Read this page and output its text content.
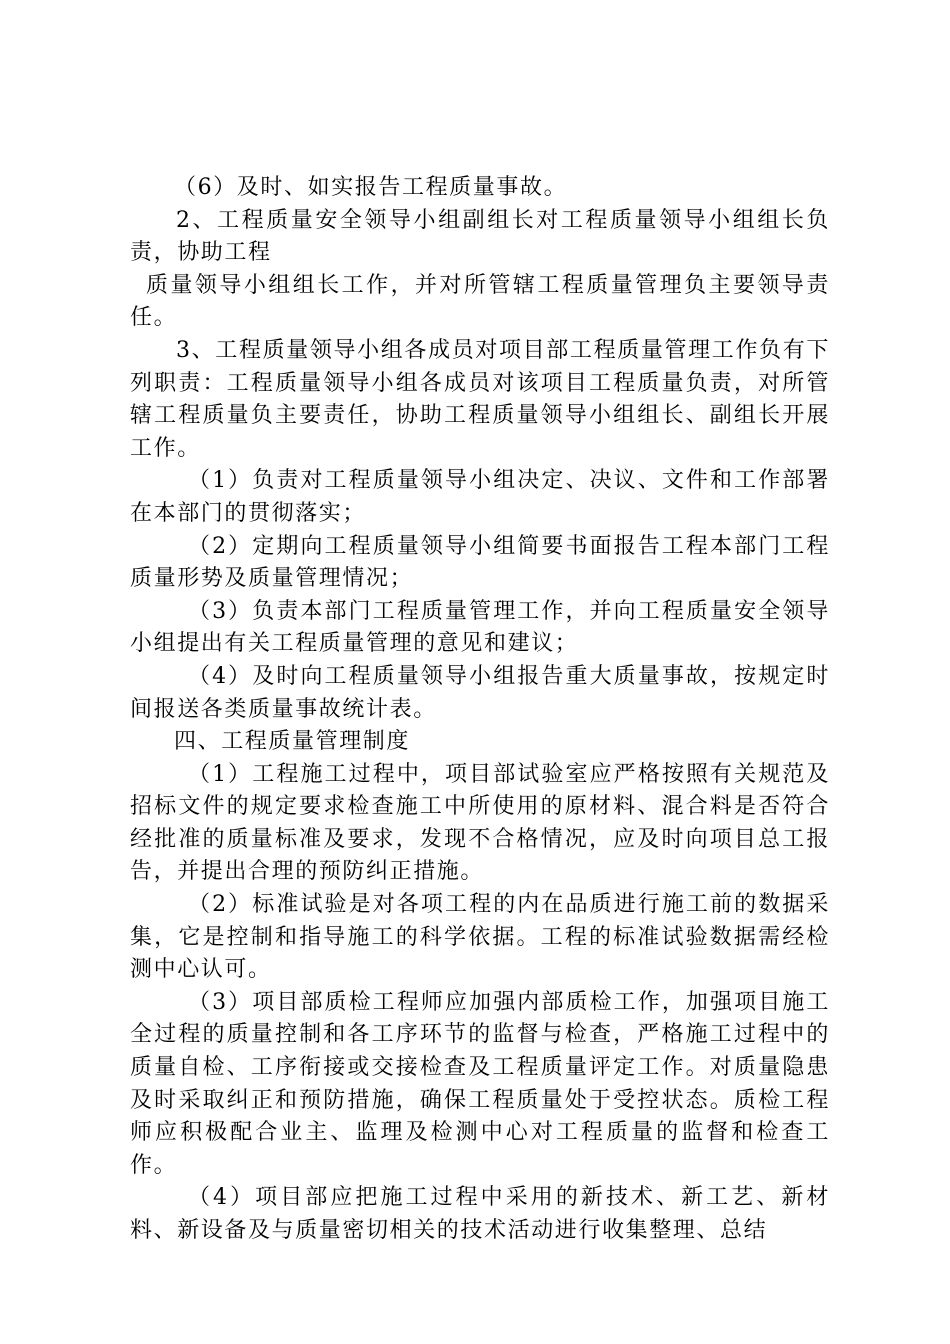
（6）及时、如实报告工程质量事故。

2、工程质量安全领导小组副组长对工程质量领导小组组长负责，协助工程

质量领导小组组长工作，并对所管辖工程质量管理负主要领导责任。

3、工程质量领导小组各成员对项目部工程质量管理工作负有下列职责：工程质量领导小组各成员对该项目工程质量负责，对所管辖工程质量负主要责任，协助工程质量领导小组组长、副组长开展工作。

（1）负责对工程质量领导小组决定、决议、文件和工作部署在本部门的贯彻落实；

（2）定期向工程质量领导小组简要书面报告工程本部门工程质量形势及质量管理情况；

（3）负责本部门工程质量管理工作，并向工程质量安全领导小组提出有关工程质量管理的意见和建议；

（4）及时向工程质量领导小组报告重大质量事故，按规定时间报送各类质量事故统计表。

四、工程质量管理制度

（1）工程施工过程中，项目部试验室应严格按照有关规范及招标文件的规定要求检查施工中所使用的原材料、混合料是否符合经批准的质量标准及要求，发现不合格情况，应及时向项目总工报告，并提出合理的预防纠正措施。

（2）标准试验是对各项工程的内在品质进行施工前的数据采集，它是控制和指导施工的科学依据。工程的标准试验数据需经检测中心认可。

（3）项目部质检工程师应加强内部质检工作，加强项目施工全过程的质量控制和各工序环节的监督与检查，严格施工过程中的质量自检、工序衔接或交接检查及工程质量评定工作。对质量隐患及时采取纠正和预防措施，确保工程质量处于受控状态。质检工程师应积极配合业主、监理及检测中心对工程质量的监督和检查工作。

（4）项目部应把施工过程中采用的新技术、新工艺、新材料、新设备及与质量密切相关的技术活动进行收集整理、总结
